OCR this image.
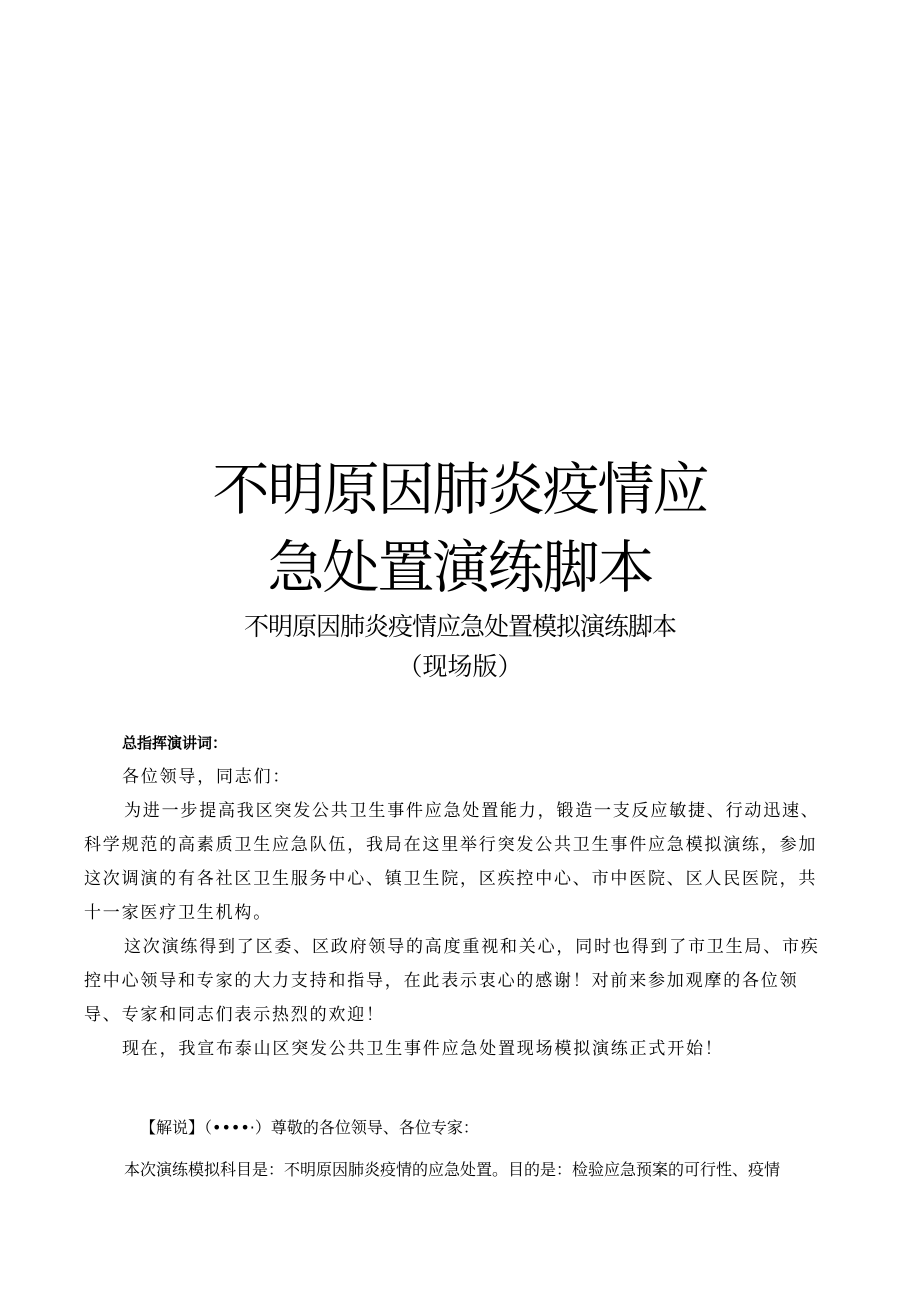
不明原因肺炎疫情应
急处置演练脚本
不明原因肺炎疫情应急处置模拟演练脚本
（现场版）
总指挥演讲词：
各位领导，同志们：
为进一步提高我区突发公共卫生事件应急处置能力，锻造一支反应敏捷、行动迅速、科学规范的高素质卫生应急队伍，我局在这里举行突发公共卫生事件应急模拟演练，参加这次调演的有各社区卫生服务中心、镇卫生院，区疾控中心、市中医院、区人民医院，共十一家医疗卫生机构。
这次演练得到了区委、区政府领导的高度重视和关心，同时也得到了市卫生局、市疾控中心领导和专家的大力支持和指导，在此表示衷心的感谢！对前来参加观摩的各位领导、专家和同志们表示热烈的欢迎！
现在，我宣布泰山区突发公共卫生事件应急处置现场模拟演练正式开始！
【解说】（••••·）尊敬的各位领导、各位专家：
本次演练模拟科目是：不明原因肺炎疫情的应急处置。目的是：检验应急预案的可行性、疫情
